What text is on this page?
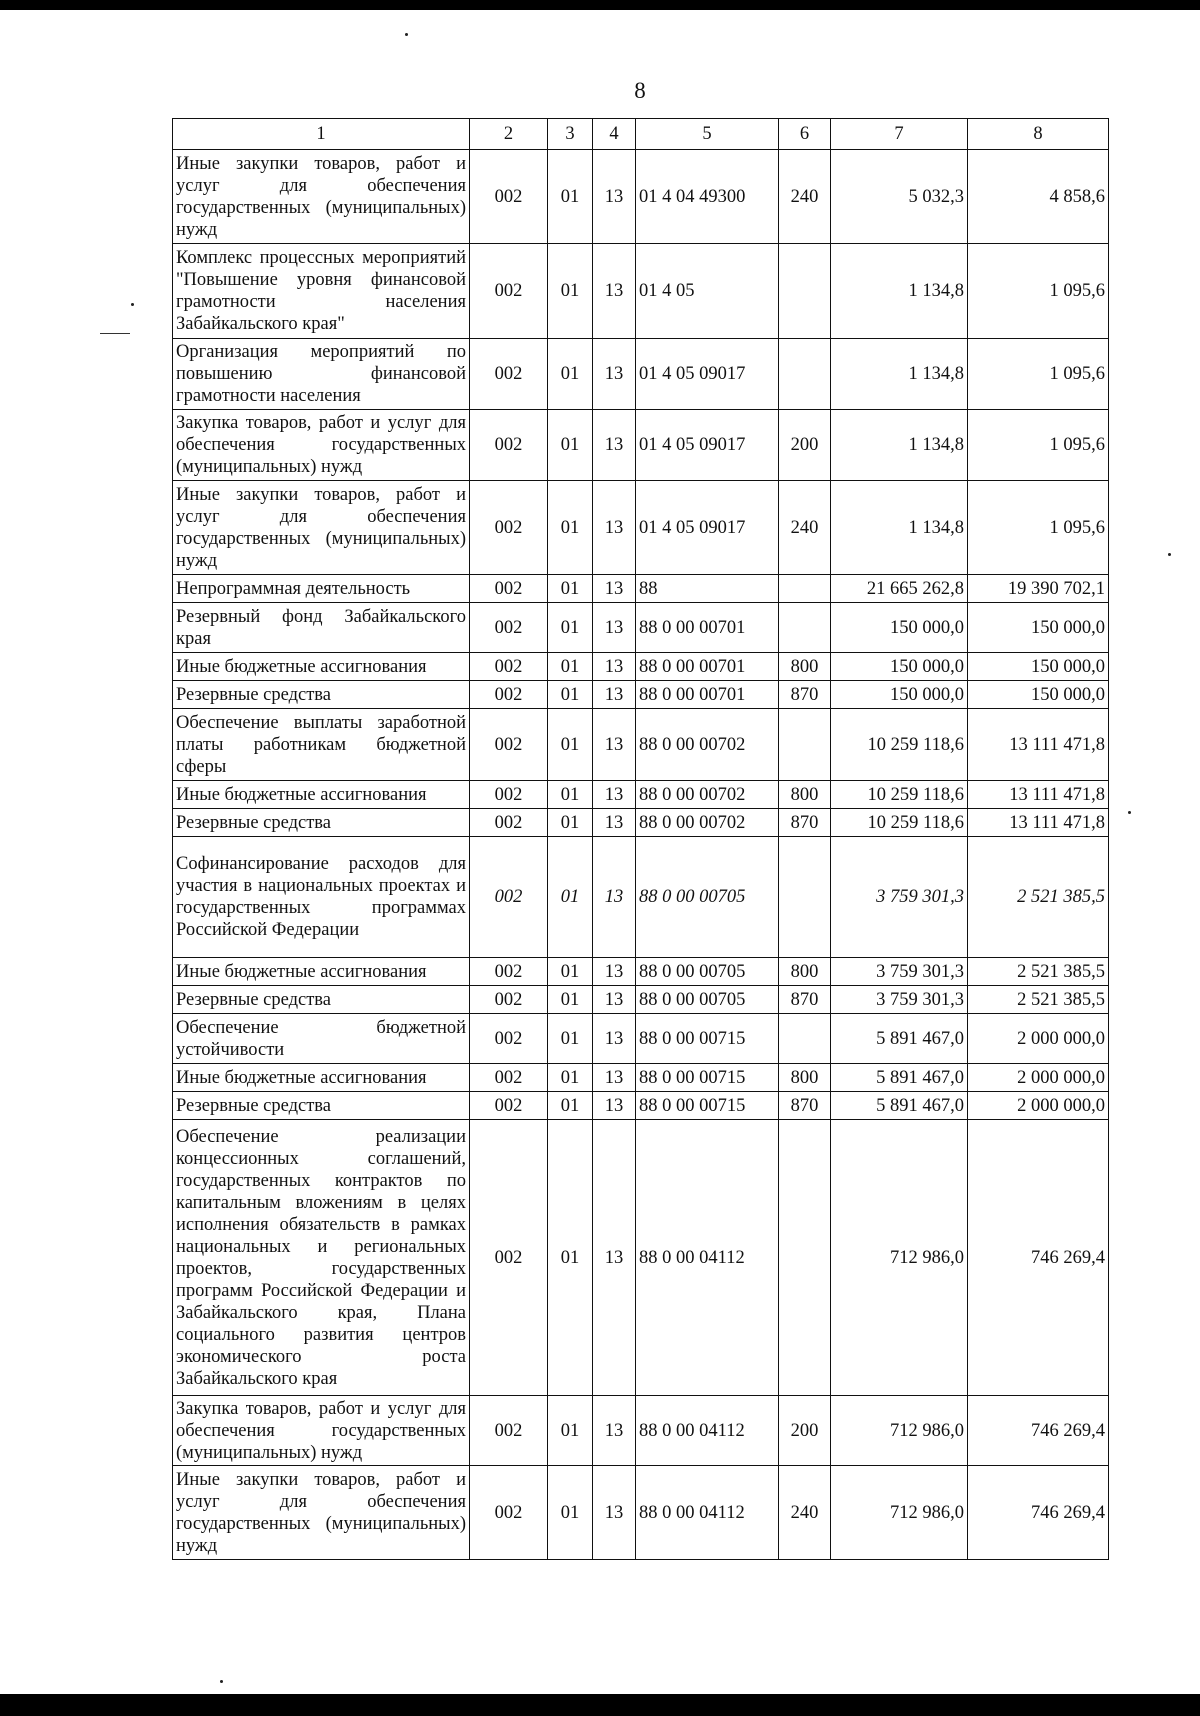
8
1	2	3	4	5	6	7	8
Иные закупки товаров, работ и услуг для обеспечения государственных (муниципальных) нужд	002	01	13	01 4 04 49300	240	5 032,3	4 858,6
Комплекс процессных мероприятий "Повышение уровня финансовой грамотности населения Забайкальского края"	002	01	13	01 4 05		1 134,8	1 095,6
Организация мероприятий по повышению финансовой грамотности населения	002	01	13	01 4 05 09017		1 134,8	1 095,6
Закупка товаров, работ и услуг для обеспечения государственных (муниципальных) нужд	002	01	13	01 4 05 09017	200	1 134,8	1 095,6
Иные закупки товаров, работ и услуг для обеспечения государственных (муниципальных) нужд	002	01	13	01 4 05 09017	240	1 134,8	1 095,6
Непрограммная деятельность	002	01	13	88		21 665 262,8	19 390 702,1
Резервный фонд Забайкальского края	002	01	13	88 0 00 00701		150 000,0	150 000,0
Иные бюджетные ассигнования	002	01	13	88 0 00 00701	800	150 000,0	150 000,0
Резервные средства	002	01	13	88 0 00 00701	870	150 000,0	150 000,0
Обеспечение выплаты заработной платы работникам бюджетной сферы	002	01	13	88 0 00 00702		10 259 118,6	13 111 471,8
Иные бюджетные ассигнования	002	01	13	88 0 00 00702	800	10 259 118,6	13 111 471,8
Резервные средства	002	01	13	88 0 00 00702	870	10 259 118,6	13 111 471,8
Софинансирование расходов для участия в национальных проектах и государственных программах Российской Федерации	002	01	13	88 0 00 00705		3 759 301,3	2 521 385,5
Иные бюджетные ассигнования	002	01	13	88 0 00 00705	800	3 759 301,3	2 521 385,5
Резервные средства	002	01	13	88 0 00 00705	870	3 759 301,3	2 521 385,5
Обеспечение бюджетной устойчивости	002	01	13	88 0 00 00715		5 891 467,0	2 000 000,0
Иные бюджетные ассигнования	002	01	13	88 0 00 00715	800	5 891 467,0	2 000 000,0
Резервные средства	002	01	13	88 0 00 00715	870	5 891 467,0	2 000 000,0
Обеспечение реализации концессионных соглашений, государственных контрактов по капитальным вложениям в целях исполнения обязательств в рамках национальных и региональных проектов, государственных программ Российской Федерации и Забайкальского края, Плана социального развития центров экономического роста Забайкальского края	002	01	13	88 0 00 04112		712 986,0	746 269,4
Закупка товаров, работ и услуг для обеспечения государственных (муниципальных) нужд	002	01	13	88 0 00 04112	200	712 986,0	746 269,4
Иные закупки товаров, работ и услуг для обеспечения государственных (муниципальных) нужд	002	01	13	88 0 00 04112	240	712 986,0	746 269,4
